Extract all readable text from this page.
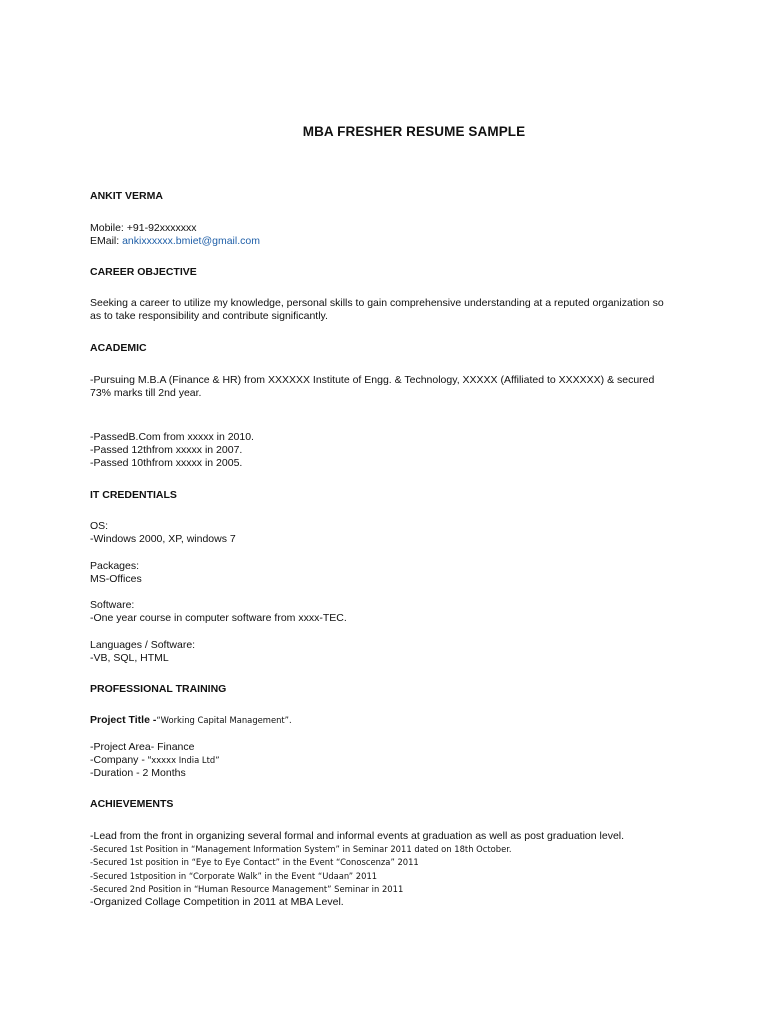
MBA FRESHER RESUME SAMPLE
ANKIT VERMA
Mobile: +91-92xxxxxxx
EMail: ankixxxxxx.bmiet@gmail.com
CAREER OBJECTIVE
Seeking a career to utilize my knowledge, personal skills to gain comprehensive understanding at a reputed organization so as to take responsibility and contribute significantly.
ACADEMIC
-Pursuing M.B.A (Finance & HR) from XXXXXX Institute of Engg. & Technology, XXXXX (Affiliated to XXXXXX) & secured 73% marks till 2nd year.
-PassedB.Com from xxxxx in 2010.
-Passed 12thfrom xxxxx in 2007.
-Passed 10thfrom xxxxx in 2005.
IT CREDENTIALS
OS:
-Windows 2000, XP, windows 7
Packages:
MS-Offices
Software:
-One year course in computer software from xxxx-TEC.
Languages / Software:
-VB, SQL, HTML
PROFESSIONAL TRAINING
Project Title -“Working Capital Management”.
-Project Area- Finance
-Company - “xxxxx India Ltd”
-Duration - 2 Months
ACHIEVEMENTS
-Lead from the front in organizing several formal and informal events at graduation as well as post graduation level.
-Secured 1st Position in “Management Information System” in Seminar 2011 dated on 18th October.
-Secured 1st position in “Eye to Eye Contact” in the Event “Conoscenza” 2011
-Secured 1stposition in “Corporate Walk” in the Event “Udaan” 2011
-Secured 2nd Position in “Human Resource Management” Seminar in 2011
-Organized Collage Competition in 2011 at MBA Level.
